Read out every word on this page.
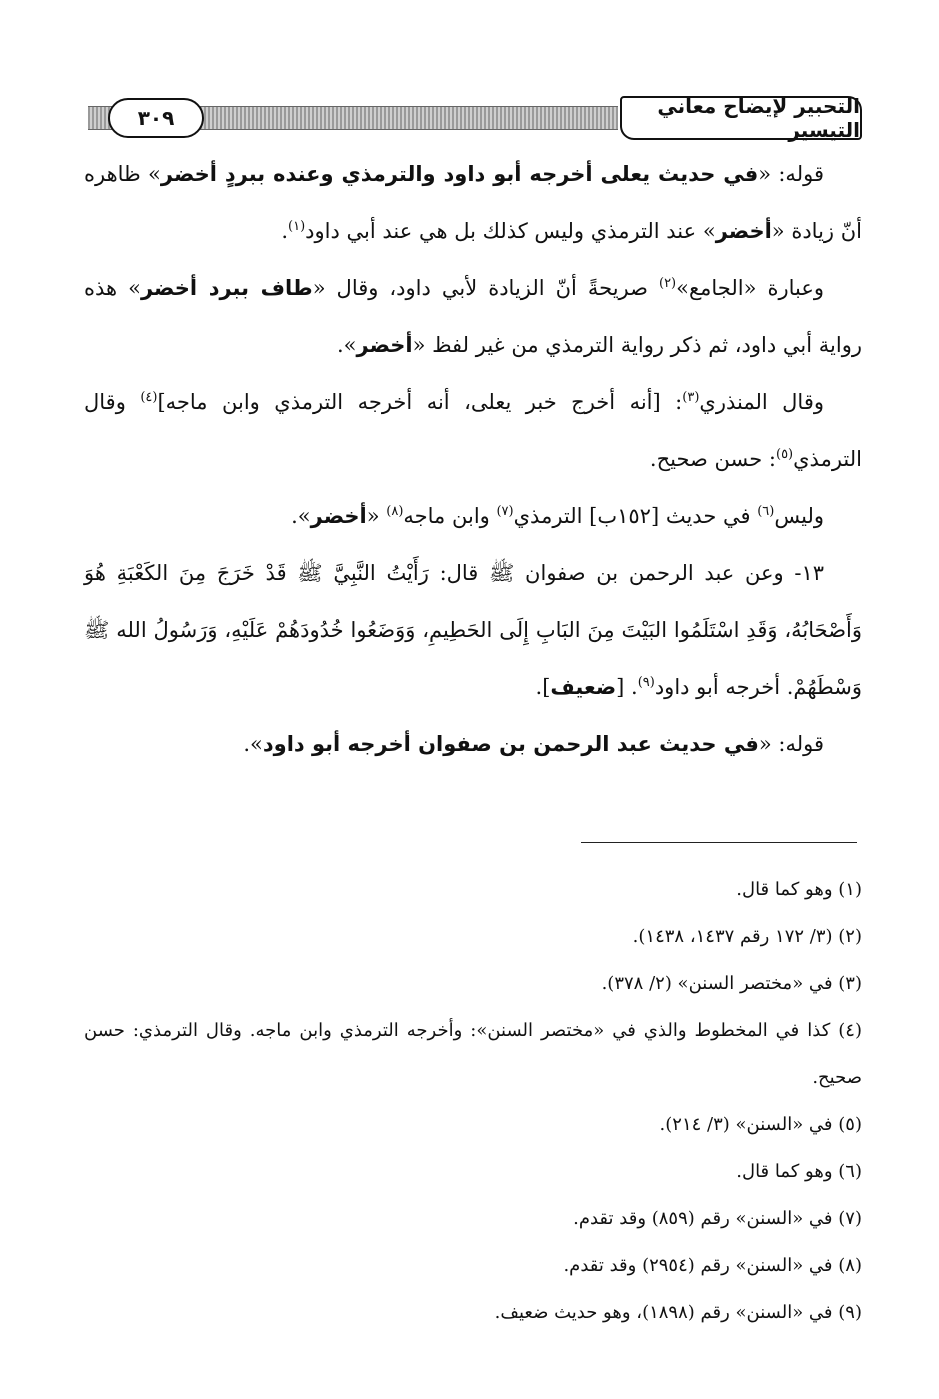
٣٠٩	التحبير لإيضاح معاني التيسير

قوله: «في حديث يعلى أخرجه أبو داود والترمذي وعنده ببردٍ أخضر» ظاهره أنّ زيادة «أخضر» عند الترمذي وليس كذلك بل هي عند أبي داود$^{(١)}$.

وعبارة «الجامع»$^{(٢)}$ صريحةً أنّ الزيادة لأبي داود، وقال «طاف ببرد أخضر» هذه رواية أبي داود، ثم ذكر رواية الترمذي من غير لفظ «أخضر».

وقال المنذري$^{(٣)}$: [أنه أخرج خبر يعلى، أنه أخرجه الترمذي وابن ماجه]$^{(٤)}$ وقال الترمذي$^{(٥)}$: حسن صحيح.

وليس$^{(٦)}$ في حديث [١٥٢ب] الترمذي$^{(٧)}$ وابن ماجه$^{(٨)}$ «أخضر».

١٣- وعن عبد الرحمن بن صفوان ﷺ قال: رَأَيْتُ النَّبِيَّ ﷺ قَدْ خَرَجَ مِنَ الكَعْبَةِ هُوَ وَأَصْحَابُهُ، وَقَدِ اسْتَلَمُوا البَيْتَ مِنَ البَابِ إِلَى الحَطِيمِ، وَوَضَعُوا خُدُودَهُمْ عَلَيْهِ، وَرَسُولُ الله ﷺ وَسْطَهُمْ. أخرجه أبو داود$^{(٩)}$. [ضعيف].

قوله: «في حديث عبد الرحمن بن صفوان أخرجه أبو داود».

(١) وهو كما قال.

(٢) (٣/ ١٧٢ رقم ١٤٣٧، ١٤٣٨).

(٣) في «مختصر السنن» (٢/ ٣٧٨).

(٤) كذا في المخطوط والذي في «مختصر السنن»: وأخرجه الترمذي وابن ماجه. وقال الترمذي: حسن صحيح.

(٥) في «السنن» (٣/ ٢١٤).

(٦) وهو كما قال.

(٧) في «السنن» رقم (٨٥٩) وقد تقدم.

(٨) في «السنن» رقم (٢٩٥٤) وقد تقدم.

(٩) في «السنن» رقم (١٨٩٨)، وهو حديث ضعيف.
